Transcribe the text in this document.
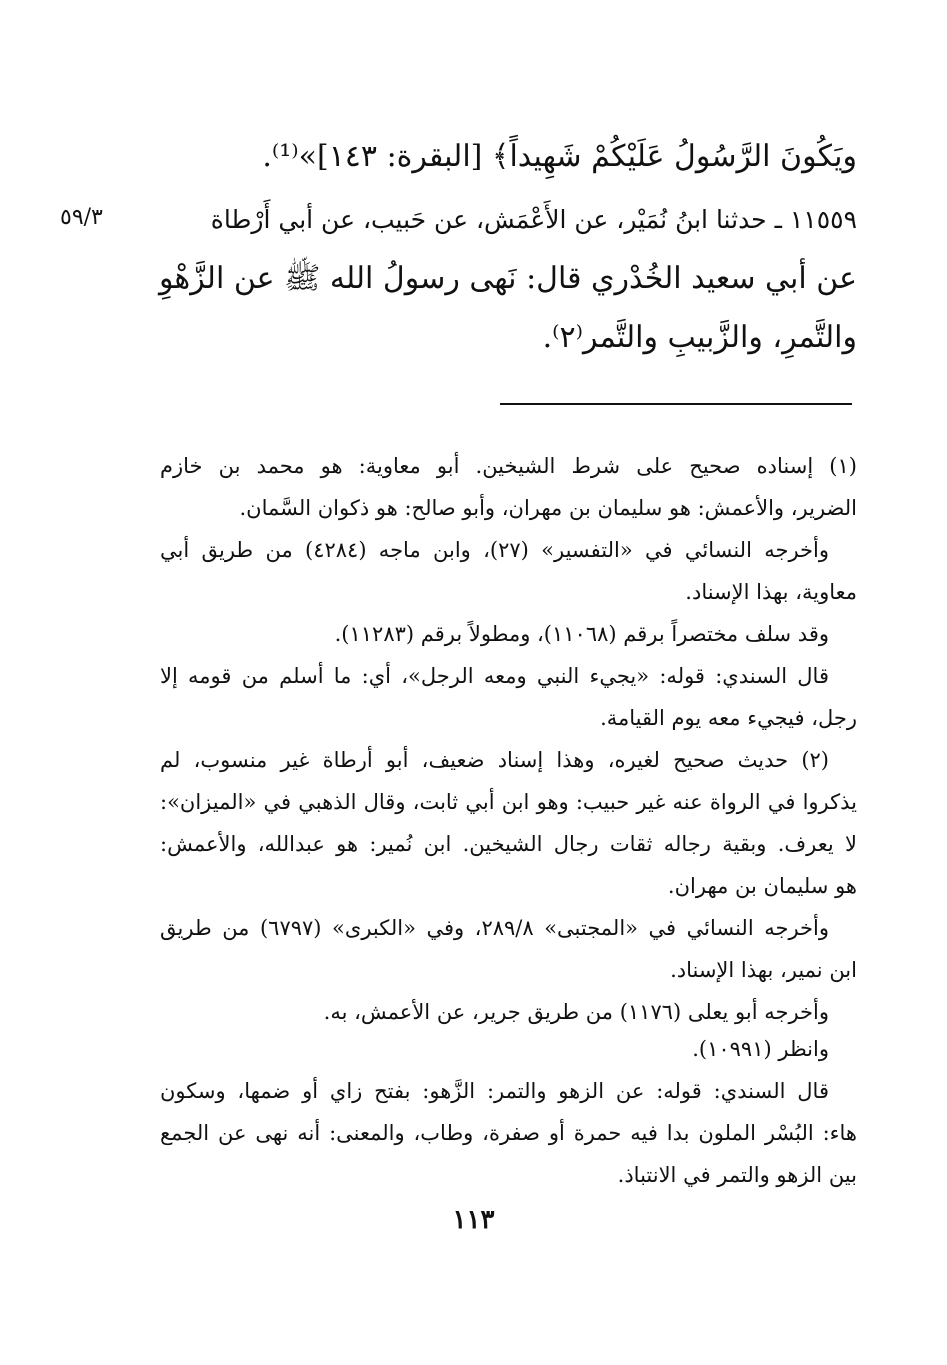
ويَكُونَ الرَّسُولُ عَلَيْكُمْ شَهِيداً﴾ [البقرة: ١٤٣]»⁽¹⁾.
٥٩/٣	١١٥٥٩ ـ حدثنا ابنُ نُمَيْر، عن الأَعْمَش، عن حَبيب، عن أبي أَرْطاة
عن أبي سعيد الخُدْري قال: نَهى رسولُ الله ﷺ عن الزَّهْوِ
والتَّمرِ، والزَّبيبِ والتَّمر⁽٢⁾.
(١) إسناده صحيح على شرط الشيخين. أبو معاوية: هو محمد بن خازم
الضرير، والأعمش: هو سليمان بن مهران، وأبو صالح: هو ذكوان السَّمان.
وأخرجه النسائي في «التفسير» (٢٧)، وابن ماجه (٤٢٨٤) من طريق أبي
معاوية، بهذا الإسناد.
وقد سلف مختصراً برقم (١١٠٦٨)، ومطولاً برقم (١١٢٨٣).
قال السندي: قوله: «يجيء النبي ومعه الرجل»، أي: ما أسلم من قومه إلا
رجل، فيجيء معه يوم القيامة.
(٢) حديث صحيح لغيره، وهذا إسناد ضعيف، أبو أرطاة غير منسوب، لم
يذكروا في الرواة عنه غير حبيب: وهو ابن أبي ثابت، وقال الذهبي في «الميزان»:
لا يعرف. وبقية رجاله ثقات رجال الشيخين. ابن نُمير: هو عبدالله، والأعمش:
هو سليمان بن مهران.
وأخرجه النسائي في «المجتبى» ٢٨٩/٨، وفي «الكبرى» (٦٧٩٧) من طريق
ابن نمير، بهذا الإسناد.
وأخرجه أبو يعلى (١١٧٦) من طريق جرير، عن الأعمش، به.
وانظر (١٠٩٩١).
قال السندي: قوله: عن الزهو والتمر: الزَّهو: بفتح زاي أو ضمها، وسكون
هاء: البُسْر الملون بدا فيه حمرة أو صفرة، وطاب، والمعنى: أنه نهى عن الجمع
بين الزهو والتمر في الانتباذ.
١١٣
